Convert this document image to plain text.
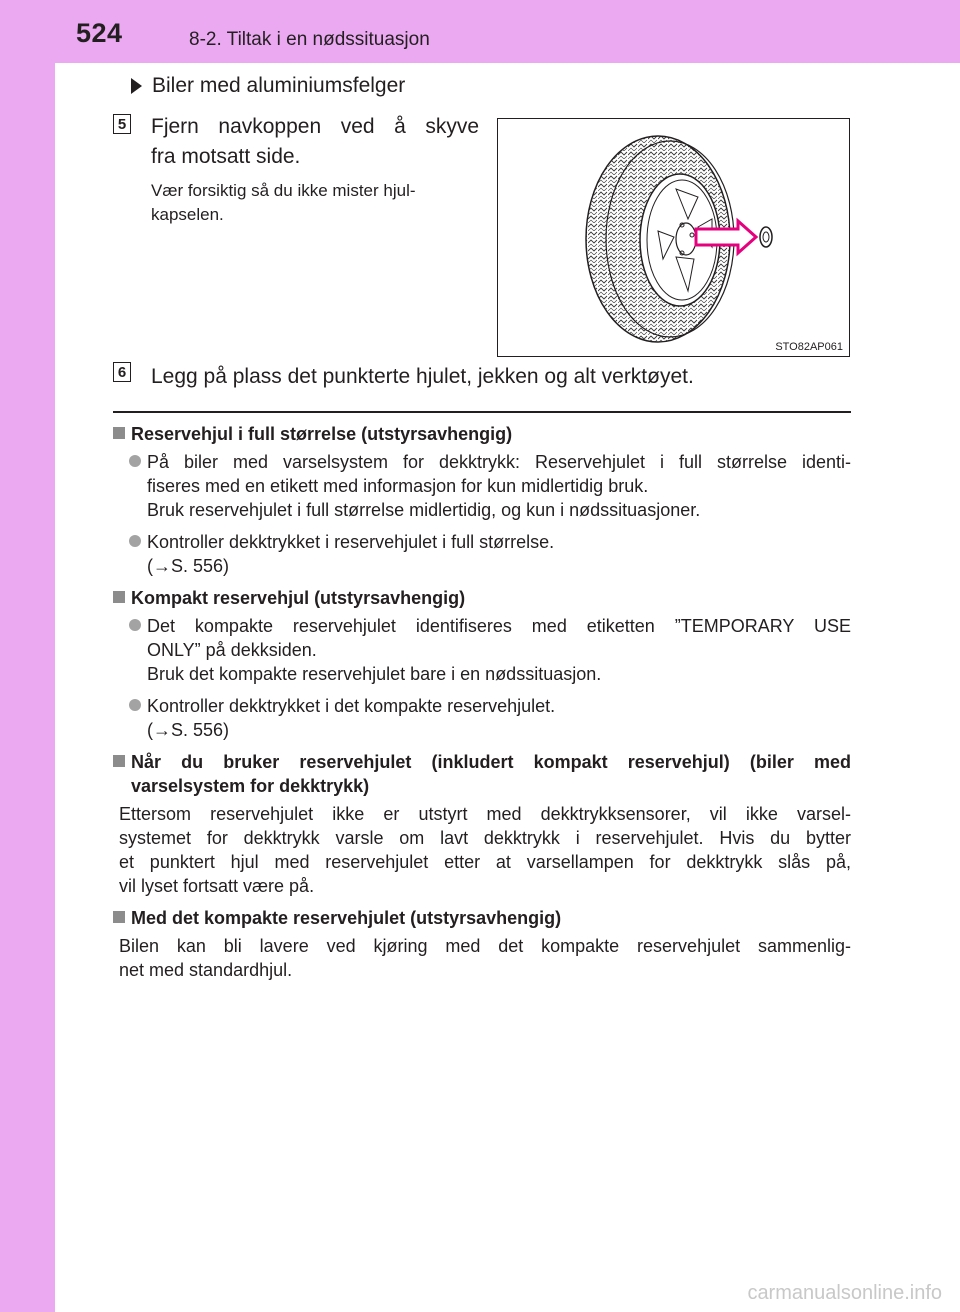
524	8-2. Tiltak i en nødssituasjon
Biler med aluminiumsfelger
5 Fjern navkoppen ved å skyve
fra motsatt side.
Vær forsiktig så du ikke mister hjul-
kapselen.
STO82AP061
6 Legg på plass det punkterte hjulet, jekken og alt verktøyet.
Reservehjul i full størrelse (utstyrsavhengig)
På biler med varselsystem for dekktrykk: Reservehjulet i full størrelse identi-
fiseres med en etikett med informasjon for kun midlertidig bruk.
Bruk reservehjulet i full størrelse midlertidig, og kun i nødssituasjoner.
Kontroller dekktrykket i reservehjulet i full størrelse.
(→S. 556)
Kompakt reservehjul (utstyrsavhengig)
Det kompakte reservehjulet identifiseres med etiketten ”TEMPORARY USE
ONLY” på dekksiden.
Bruk det kompakte reservehjulet bare i en nødssituasjon.
Kontroller dekktrykket i det kompakte reservehjulet.
(→S. 556)
Når du bruker reservehjulet (inkludert kompakt reservehjul) (biler med
varselsystem for dekktrykk)
Ettersom reservehjulet ikke er utstyrt med dekktrykksensorer, vil ikke varsel-
systemet for dekktrykk varsle om lavt dekktrykk i reservehjulet. Hvis du bytter
et punktert hjul med reservehjulet etter at varsellampen for dekktrykk slås på,
vil lyset fortsatt være på.
Med det kompakte reservehjulet (utstyrsavhengig)
Bilen kan bli lavere ved kjøring med det kompakte reservehjulet sammenlig-
net med standardhjul.
carmanualsonline.info
